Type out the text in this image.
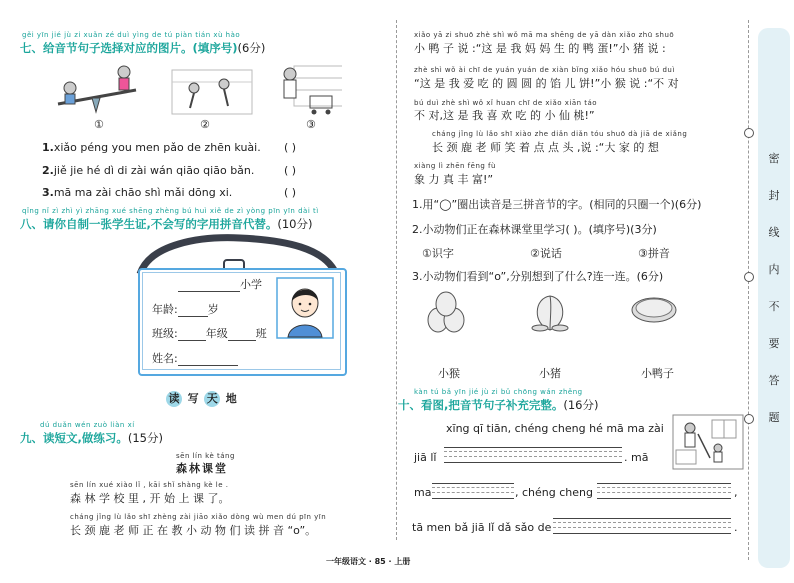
gěi yīn jié jù zi xuǎn zé duì yìng de tú piàn tián xù hào
七、给音节句子选择对应的图片。(填序号)(6分)
①	②	③
1.xiǎo péng you men pǎo de zhēn kuài. ( )
2.jiě jie hé dì di zài wán qiāo qiāo bǎn.	( )
3.mā ma zài chāo shì mǎi dōng xi.	( )
qǐng nǐ zì zhì yì zhāng xué shēng zhèng bú huì xiě de zì yòng pīn yīn dài tì
八、请你自制一张学生证,不会写的字用拼音代替。(10分)
小学
年龄:	岁
班级:	年级	班
姓名:
读 写 天 地
dú duǎn wén zuò liàn xí
九、读短文,做练习。(15分)
sēn lín kè táng
森林课堂
sēn lín xué xiào lǐ , kāi shǐ shàng kè le .
森 林 学 校 里 , 开 始 上 课 了。
cháng jǐng lù lǎo shī zhèng zài jiāo xiǎo dòng wù men dú pīn yīn
长 颈 鹿 老 师 正 在 教 小 动 物 们 读 拼 音 “o”。
xiǎo yā zi shuō zhè shì wǒ mā ma shēng de yā dàn xiǎo zhū shuō
小 鸭 子 说 :“这 是 我 妈 妈 生 的 鸭 蛋!”小 猪 说 :
zhè shì wǒ ài chī de yuán yuán de xiàn bǐng xiǎo hóu shuō bú duì
“这 是 我 爱 吃 的 圆 圆 的 馅 儿 饼!”小 猴 说 :“不 对
bú duì zhè shì wǒ xǐ huan chī de xiǎo xiān táo
不 对,这 是 我 喜 欢 吃 的 小 仙 桃!”
cháng jǐng lù lǎo shī xiào zhe diǎn diǎn tóu shuō dà jiā de xiǎng
长 颈 鹿 老 师 笑 着 点 点 头 ,说 :“大 家 的 想
xiàng lì zhēn fēng fù
象 力 真 丰 富!”
1.用“◯”圈出读音是三拼音节的字。(相同的只圈一个)(6分)
2.小动物们正在森林课堂里学习( )。(填序号)(3分)
①识字	②说话	③拼音
3.小动物们看到“o”,分别想到了什么?连一连。(6分)
小猴	小猪	小鸭子
kàn tú bǎ yīn jié jù zi bǔ chōng wán zhěng
十、看图,把音节句子补充完整。(16分)
xīng qī tiān, chéng cheng hé mā ma zài
jiā lǐ	. mā
ma	, chéng cheng	,
tā men bǎ jiā lǐ dǎ sǎo de	.
密
封
线
内
不
要
答
题
一年级语文 · 85 · 上册
